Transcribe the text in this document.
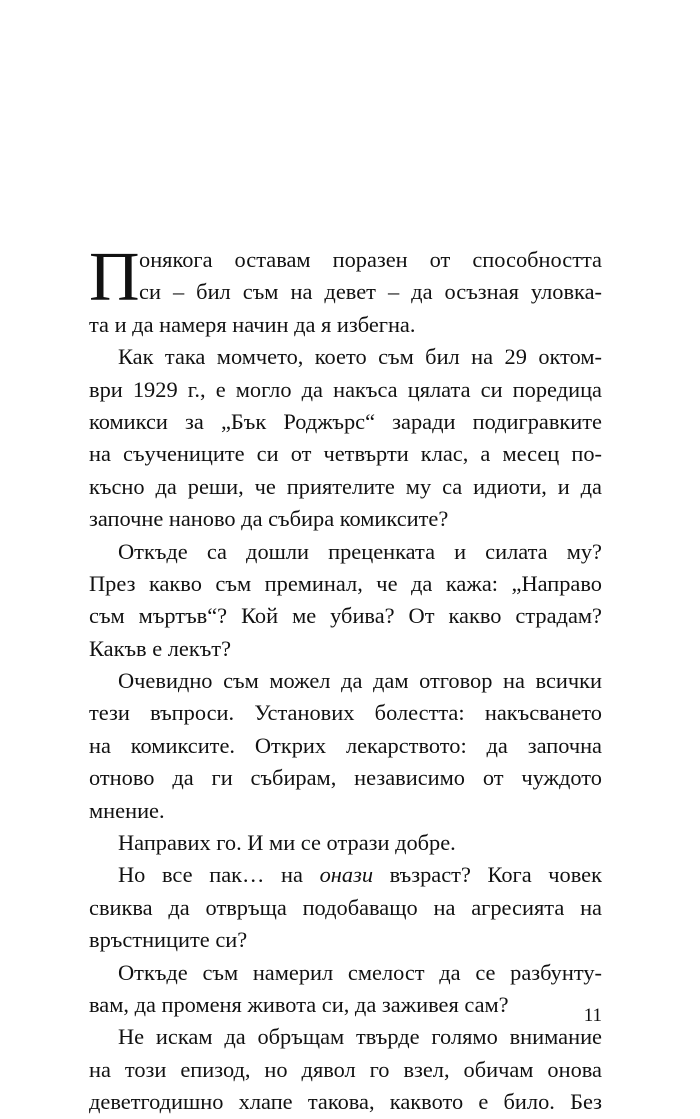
П онякога оставам поразен от способността
си – бил съм на девет – да осъзная уловка-
та и да намеря начин да я избегна.
Как така момчето, което съм бил на 29 октом-
ври 1929 г., е могло да накъса цялата си поредица
комикси за „Бък Роджърс“ заради подигравките
на съучениците си от четвърти клас, а месец по-
късно да реши, че приятелите му са идиоти, и да
започне наново да събира комиксите?
Откъде са дошли преценката и силата му?
През какво съм преминал, че да кажа: „Направо
съм мъртъв“? Кой ме убива? От какво страдам?
Какъв е лекът?
Очевидно съм можел да дам отговор на всички
тези въпроси. Установих болестта: накъсването
на комиксите. Открих лекарството: да започна
отново да ги събирам, независимо от чуждото
мнение.
Направих го. И ми се отрази добре.
Но все пак… на онази възраст? Кога човек
свиква да отвръща подобаващо на агресията на
връстниците си?
Откъде съм намерил смелост да се разбунту-
вам, да променя живота си, да заживея сам?
Не искам да обръщам твърде голямо внимание
на този епизод, но дявол го взел, обичам онова
деветгодишно хлапе такова, каквото е било. Без
11
